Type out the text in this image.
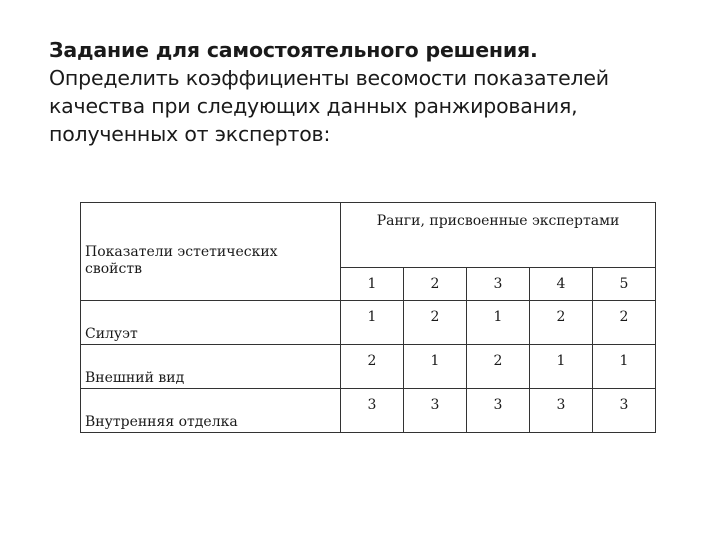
Задание для самостоятельного решения.
Определить коэффициенты весомости показателей
качества при следующих данных ранжирования,
полученных от экспертов:
Показатели эстетических свойств	Ранги, присвоенные экспертами				
	1	2	3	4	5
Силуэт	1	2	1	2	2
Внешний вид	2	1	2	1	1
Внутренняя отделка	3	3	3	3	3
